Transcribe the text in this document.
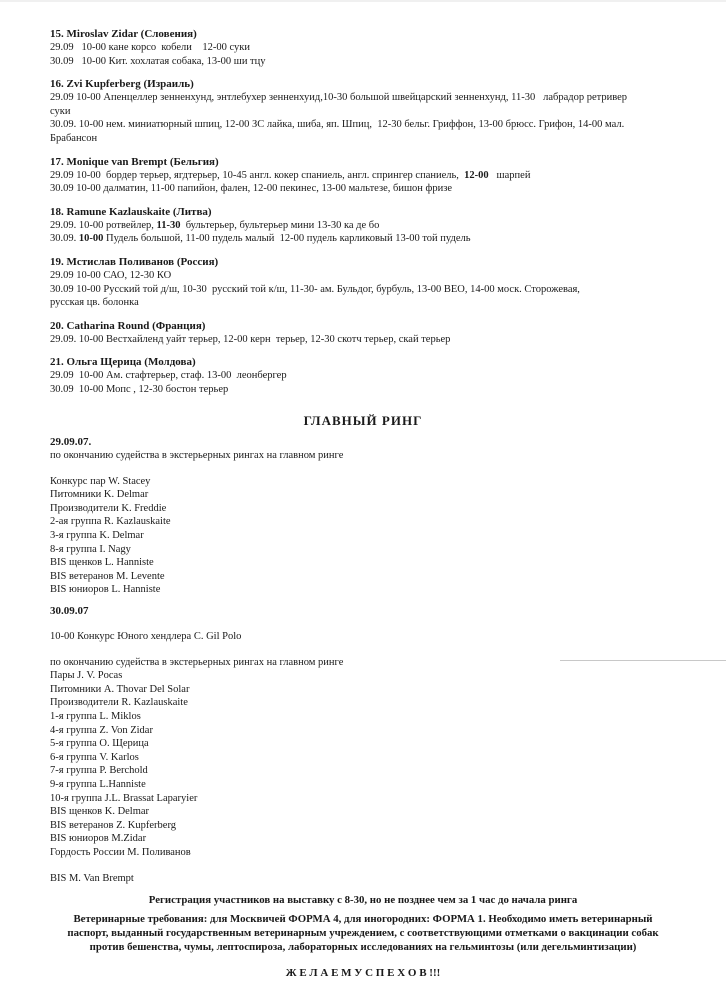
15. Miroslav Zidar (Словения)
29.09   10-00 кане корсо  кобели    12-00 суки
30.09   10-00 Кит. хохлатая собака, 13-00 ши тцу
16. Zvi Kupferberg (Израиль)
29.09 10-00 Апенцеллер зенненхунд, энтлебухер зенненхуид,10-30 большой швейцарский зенненхунд, 11-30   лабрадор ретривер
суки
30.09. 10-00 нем. миниатюрный шпиц, 12-00 ЗС лайка, шиба, яп. Шпиц,  12-30 бельг. Гриффон, 13-00 брюсс. Грифон, 14-00 мал.
Брабансон
17. Monique van Brempt (Бельгия)
29.09 10-00  бордер терьер, ягдтерьер, 10-45 англ. кокер спаниель, англ. спрингер спаниель,  12-00   шарпей
30.09 10-00 далматин, 11-00 папийон, фален, 12-00 пекинес, 13-00 мальтезе, бишон фризе
18. Ramune Kazlauskaite (Литва)
29.09. 10-00 ротвейлер, 11-30  бультерьер, бультерьер мини 13-30 ка де бо
30.09. 10-00 Пудель большой, 11-00 пудель малый  12-00 пудель карликовый 13-00 той пудель
19. Мстислав Поливанов (Россия)
29.09 10-00 САО, 12-30 КО
30.09 10-00 Русский той д/ш, 10-30  русский той к/ш, 11-30- ам. Бульдог, бурбуль, 13-00 ВЕО, 14-00 моск. Сторожевая,
русская цв. болонка
20. Catharina Round (Франция)
29.09. 10-00 Вестхайленд уайт терьер, 12-00 керн  терьер, 12-30 скотч терьер, скай терьер
21. Ольга Щерица (Молдова)
29.09  10-00 Ам. стафтерьер, стаф. 13-00  леонбергер
30.09  10-00 Мопс , 12-30 бостон терьер
ГЛАВНЫЙ РИНГ
29.09.07.
по окончанию судейства в экстерьерных рингах на главном ринге
Конкурс пар W. Stacey
Питомники K. Delmar
Производители K. Freddie
2-ая группа R. Kazlauskaite
3-я группа K. Delmar
8-я группа I. Nagy
BIS щенков L. Hanniste
BIS ветеранов M. Levente
BIS юниоров L. Hanniste
30.09.07
10-00 Конкурс Юного хендлера C. Gil Polo
по окончанию судейства в экстерьерных рингах на главном ринге
Пары J. V. Pocas
Питомники A. Thovar Del Solar
Производители R. Kazlauskaite
1-я группа L. Miklos
4-я группа Z. Von Zidar
5-я группа О. Щерица
6-я группа V. Karlos
7-я группа P. Berchold
9-я группа L.Hanniste
10-я группа J.L. Brassat Laparyier
BIS щенков K. Delmar
BIS ветеранов Z. Kupferberg
BIS юниоров M.Zidar
Гордость России М. Поливанов
BIS M. Van Brempt
Регистрация участников на выставку с 8-30, но не позднее чем за 1 час до начала ринга
Ветеринарные требования: для Москвичей ФОРМА 4, для иногородних: ФОРМА 1. Необходимо иметь ветеринарный
паспорт, выданный государственным ветеринарным учреждением, с соответствующими отметками о вакцинации собак
против бешенства, чумы, лептоспироза, лабораторных исследованиях на гельминтозы (или дегельминтизации)
Ж Е Л А Е М У С П Е Х О В !!!
